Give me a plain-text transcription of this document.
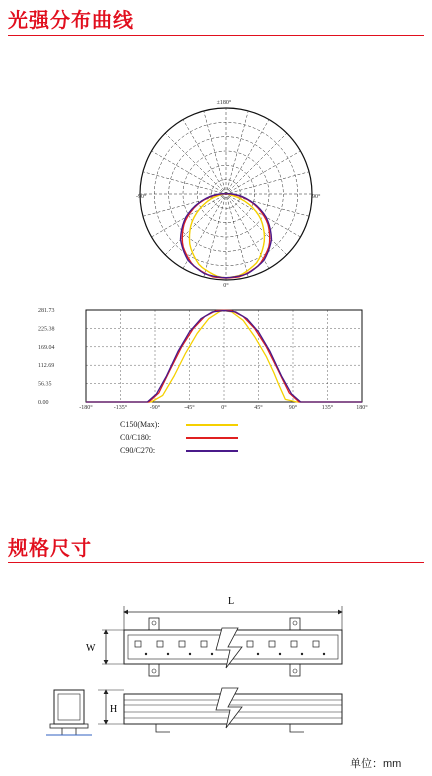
光强分布曲线
±180°
-90°	90°
0°
-180°	-135°	-90°	-45°	0°	45°	90°	135°	180°
281.73
225.38
169.04
112.69
56.35
0.00
C150(Max):
C0/C180:
C90/C270:
规格尺寸
L
W
H
单位：mm
